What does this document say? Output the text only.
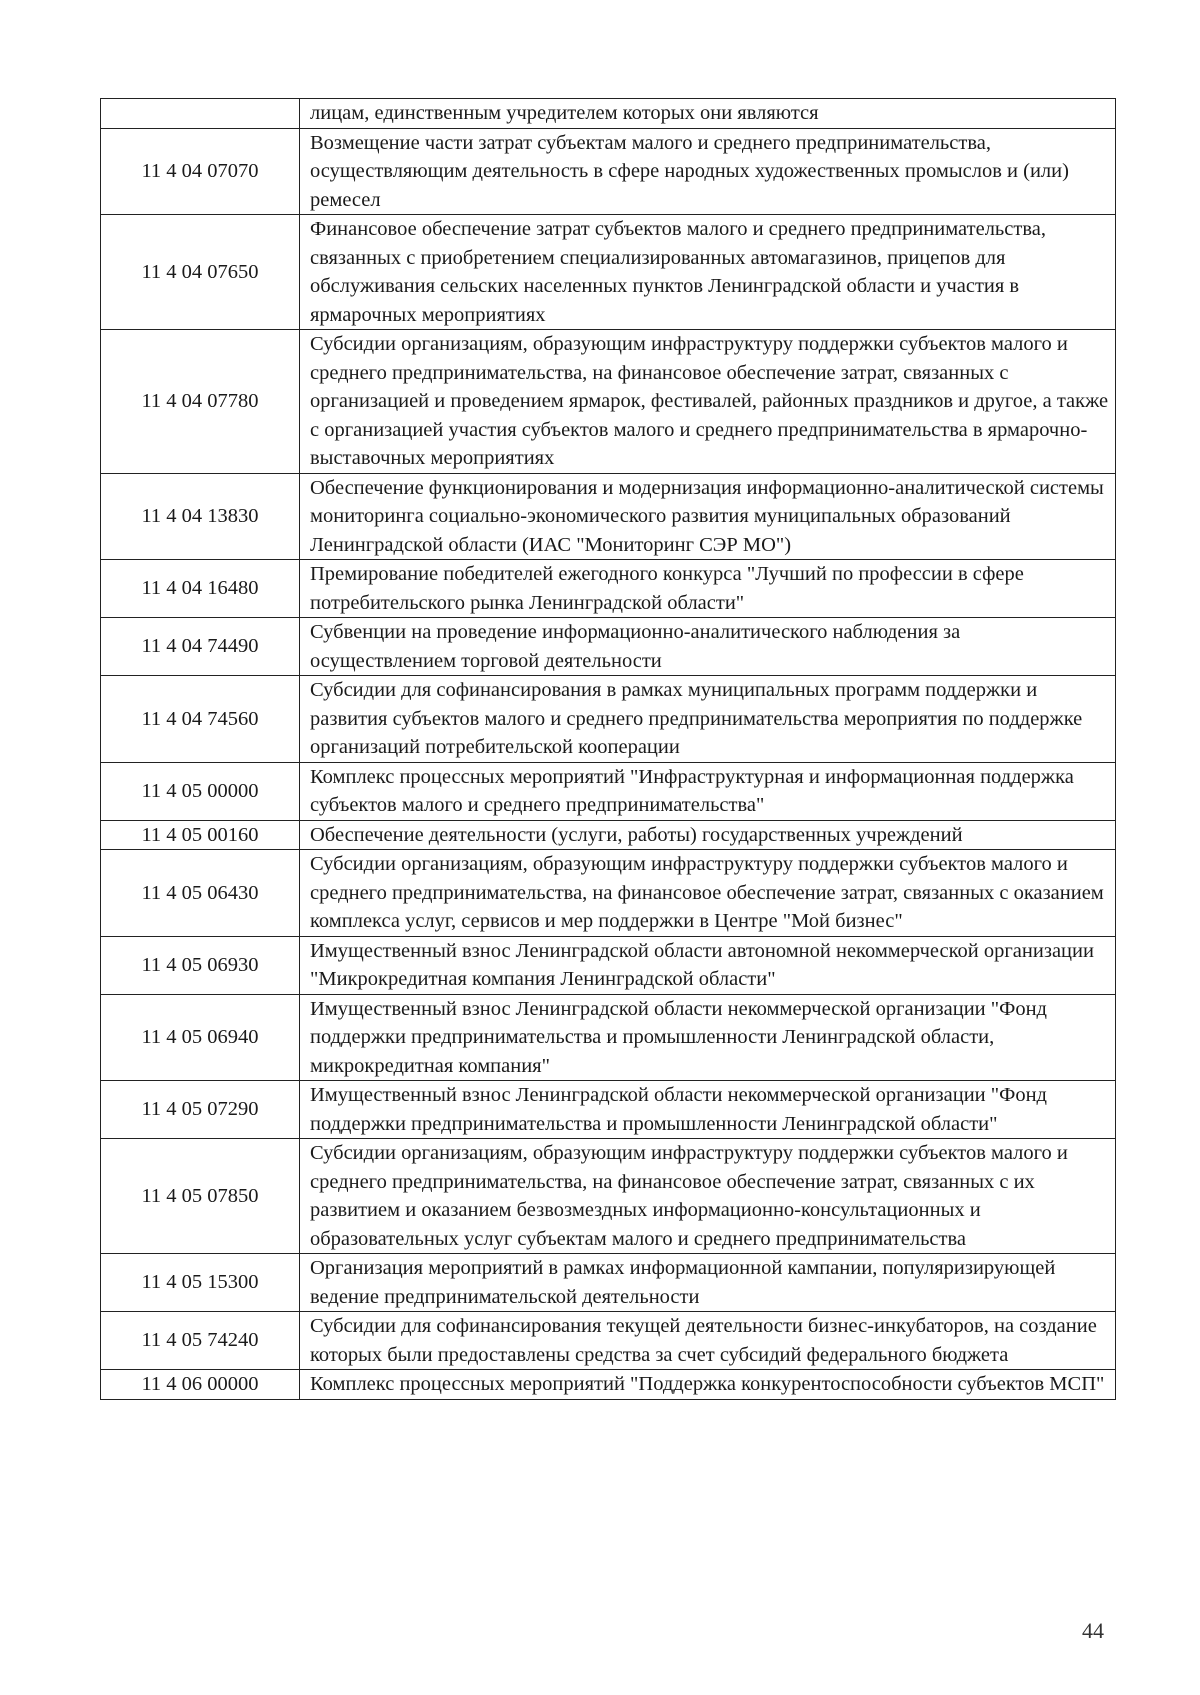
	лицам, единственным учредителем которых они являются
11 4 04 07070	Возмещение части затрат субъектам малого и среднего предпринимательства, осуществляющим деятельность в сфере народных художественных промыслов и (или) ремесел
11 4 04 07650	Финансовое обеспечение затрат субъектов малого и среднего предпринимательства, связанных с приобретением специализированных автомагазинов, прицепов для обслуживания сельских населенных пунктов Ленинградской области и участия в ярмарочных мероприятиях
11 4 04 07780	Субсидии организациям, образующим инфраструктуру поддержки субъектов малого и среднего предпринимательства, на финансовое обеспечение затрат, связанных с организацией и проведением ярмарок, фестивалей, районных праздников и другое, а также с организацией участия субъектов малого и среднего предпринимательства в ярмарочно-выставочных мероприятиях
11 4 04 13830	Обеспечение функционирования и модернизация информационно-аналитической системы мониторинга социально-экономического развития муниципальных образований Ленинградской области (ИАС "Мониторинг СЭР МО")
11 4 04 16480	Премирование победителей ежегодного конкурса "Лучший по профессии в сфере потребительского рынка Ленинградской области"
11 4 04 74490	Субвенции на проведение информационно-аналитического наблюдения за осуществлением торговой деятельности
11 4 04 74560	Субсидии для софинансирования в рамках муниципальных программ поддержки и развития субъектов малого и среднего предпринимательства мероприятия по поддержке организаций потребительской кооперации
11 4 05 00000	Комплекс процессных мероприятий "Инфраструктурная и информационная поддержка субъектов малого и среднего предпринимательства"
11 4 05 00160	Обеспечение деятельности (услуги, работы) государственных учреждений
11 4 05 06430	Субсидии организациям, образующим инфраструктуру поддержки субъектов малого и среднего предпринимательства, на финансовое обеспечение затрат, связанных с оказанием комплекса услуг, сервисов и мер поддержки в Центре "Мой бизнес"
11 4 05 06930	Имущественный взнос Ленинградской области автономной некоммерческой организации "Микрокредитная компания Ленинградской области"
11 4 05 06940	Имущественный взнос Ленинградской области некоммерческой организации "Фонд поддержки предпринимательства и промышленности Ленинградской области, микрокредитная компания"
11 4 05 07290	Имущественный взнос Ленинградской области некоммерческой организации "Фонд поддержки предпринимательства и промышленности Ленинградской области"
11 4 05 07850	Субсидии организациям, образующим инфраструктуру поддержки субъектов малого и среднего предпринимательства, на финансовое обеспечение затрат, связанных с их развитием и оказанием безвозмездных информационно-консультационных и образовательных услуг субъектам малого и среднего предпринимательства
11 4 05 15300	Организация мероприятий в рамках информационной кампании, популяризирующей ведение предпринимательской деятельности
11 4 05 74240	Субсидии для софинансирования текущей деятельности бизнес-инкубаторов, на создание которых были предоставлены средства за счет субсидий федерального бюджета
11 4 06 00000	Комплекс процессных мероприятий "Поддержка конкурентоспособности субъектов МСП"
44
